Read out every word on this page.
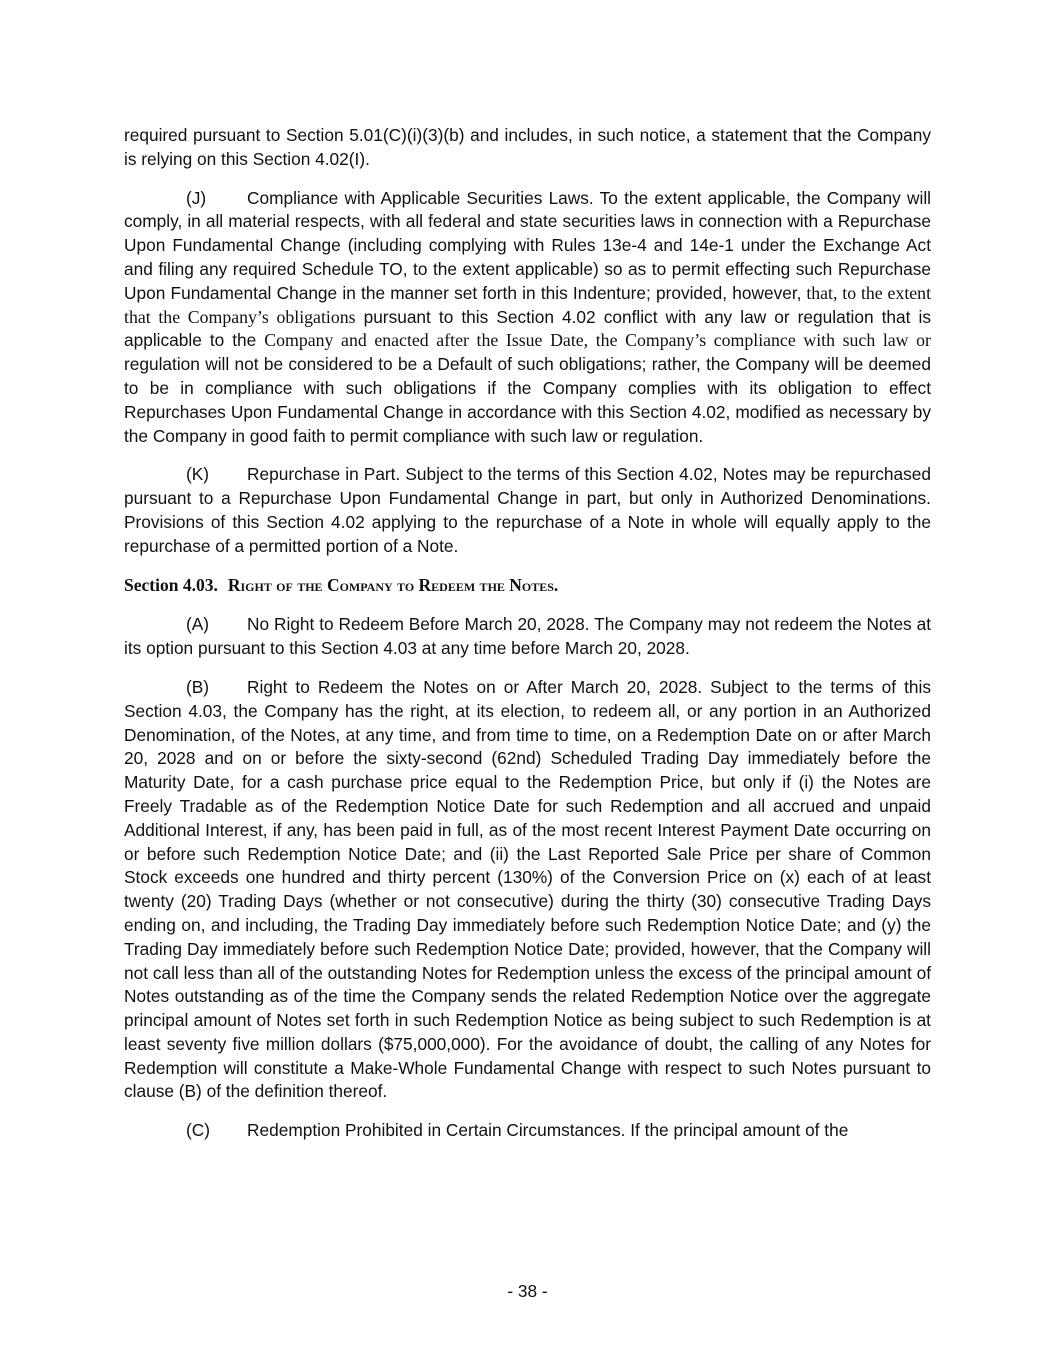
required pursuant to Section 5.01(C)(i)(3)(b) and includes, in such notice, a statement that the Company is relying on this Section 4.02(I).

(J) Compliance with Applicable Securities Laws. To the extent applicable, the Company will comply, in all material respects, with all federal and state securities laws in connection with a Repurchase Upon Fundamental Change (including complying with Rules 13e-4 and 14e-1 under the Exchange Act and filing any required Schedule TO, to the extent applicable) so as to permit effecting such Repurchase Upon Fundamental Change in the manner set forth in this Indenture; provided, however, that, to the extent that the Company’s obligations pursuant to this Section 4.02 conflict with any law or regulation that is applicable to the Company and enacted after the Issue Date, the Company’s compliance with such law or regulation will not be considered to be a Default of such obligations; rather, the Company will be deemed to be in compliance with such obligations if the Company complies with its obligation to effect Repurchases Upon Fundamental Change in accordance with this Section 4.02, modified as necessary by the Company in good faith to permit compliance with such law or regulation.

(K) Repurchase in Part. Subject to the terms of this Section 4.02, Notes may be repurchased pursuant to a Repurchase Upon Fundamental Change in part, but only in Authorized Denominations. Provisions of this Section 4.02 applying to the repurchase of a Note in whole will equally apply to the repurchase of a permitted portion of a Note.

Section 4.03. Right of the Company to Redeem the Notes.

(A) No Right to Redeem Before March 20, 2028. The Company may not redeem the Notes at its option pursuant to this Section 4.03 at any time before March 20, 2028.

(B) Right to Redeem the Notes on or After March 20, 2028. Subject to the terms of this Section 4.03, the Company has the right, at its election, to redeem all, or any portion in an Authorized Denomination, of the Notes, at any time, and from time to time, on a Redemption Date on or after March 20, 2028 and on or before the sixty-second (62nd) Scheduled Trading Day immediately before the Maturity Date, for a cash purchase price equal to the Redemption Price, but only if (i) the Notes are Freely Tradable as of the Redemption Notice Date for such Redemption and all accrued and unpaid Additional Interest, if any, has been paid in full, as of the most recent Interest Payment Date occurring on or before such Redemption Notice Date; and (ii) the Last Reported Sale Price per share of Common Stock exceeds one hundred and thirty percent (130%) of the Conversion Price on (x) each of at least twenty (20) Trading Days (whether or not consecutive) during the thirty (30) consecutive Trading Days ending on, and including, the Trading Day immediately before such Redemption Notice Date; and (y) the Trading Day immediately before such Redemption Notice Date; provided, however, that the Company will not call less than all of the outstanding Notes for Redemption unless the excess of the principal amount of Notes outstanding as of the time the Company sends the related Redemption Notice over the aggregate principal amount of Notes set forth in such Redemption Notice as being subject to such Redemption is at least seventy five million dollars ($75,000,000). For the avoidance of doubt, the calling of any Notes for Redemption will constitute a Make-Whole Fundamental Change with respect to such Notes pursuant to clause (B) of the definition thereof.

(C) Redemption Prohibited in Certain Circumstances. If the principal amount of the

- 38 -
